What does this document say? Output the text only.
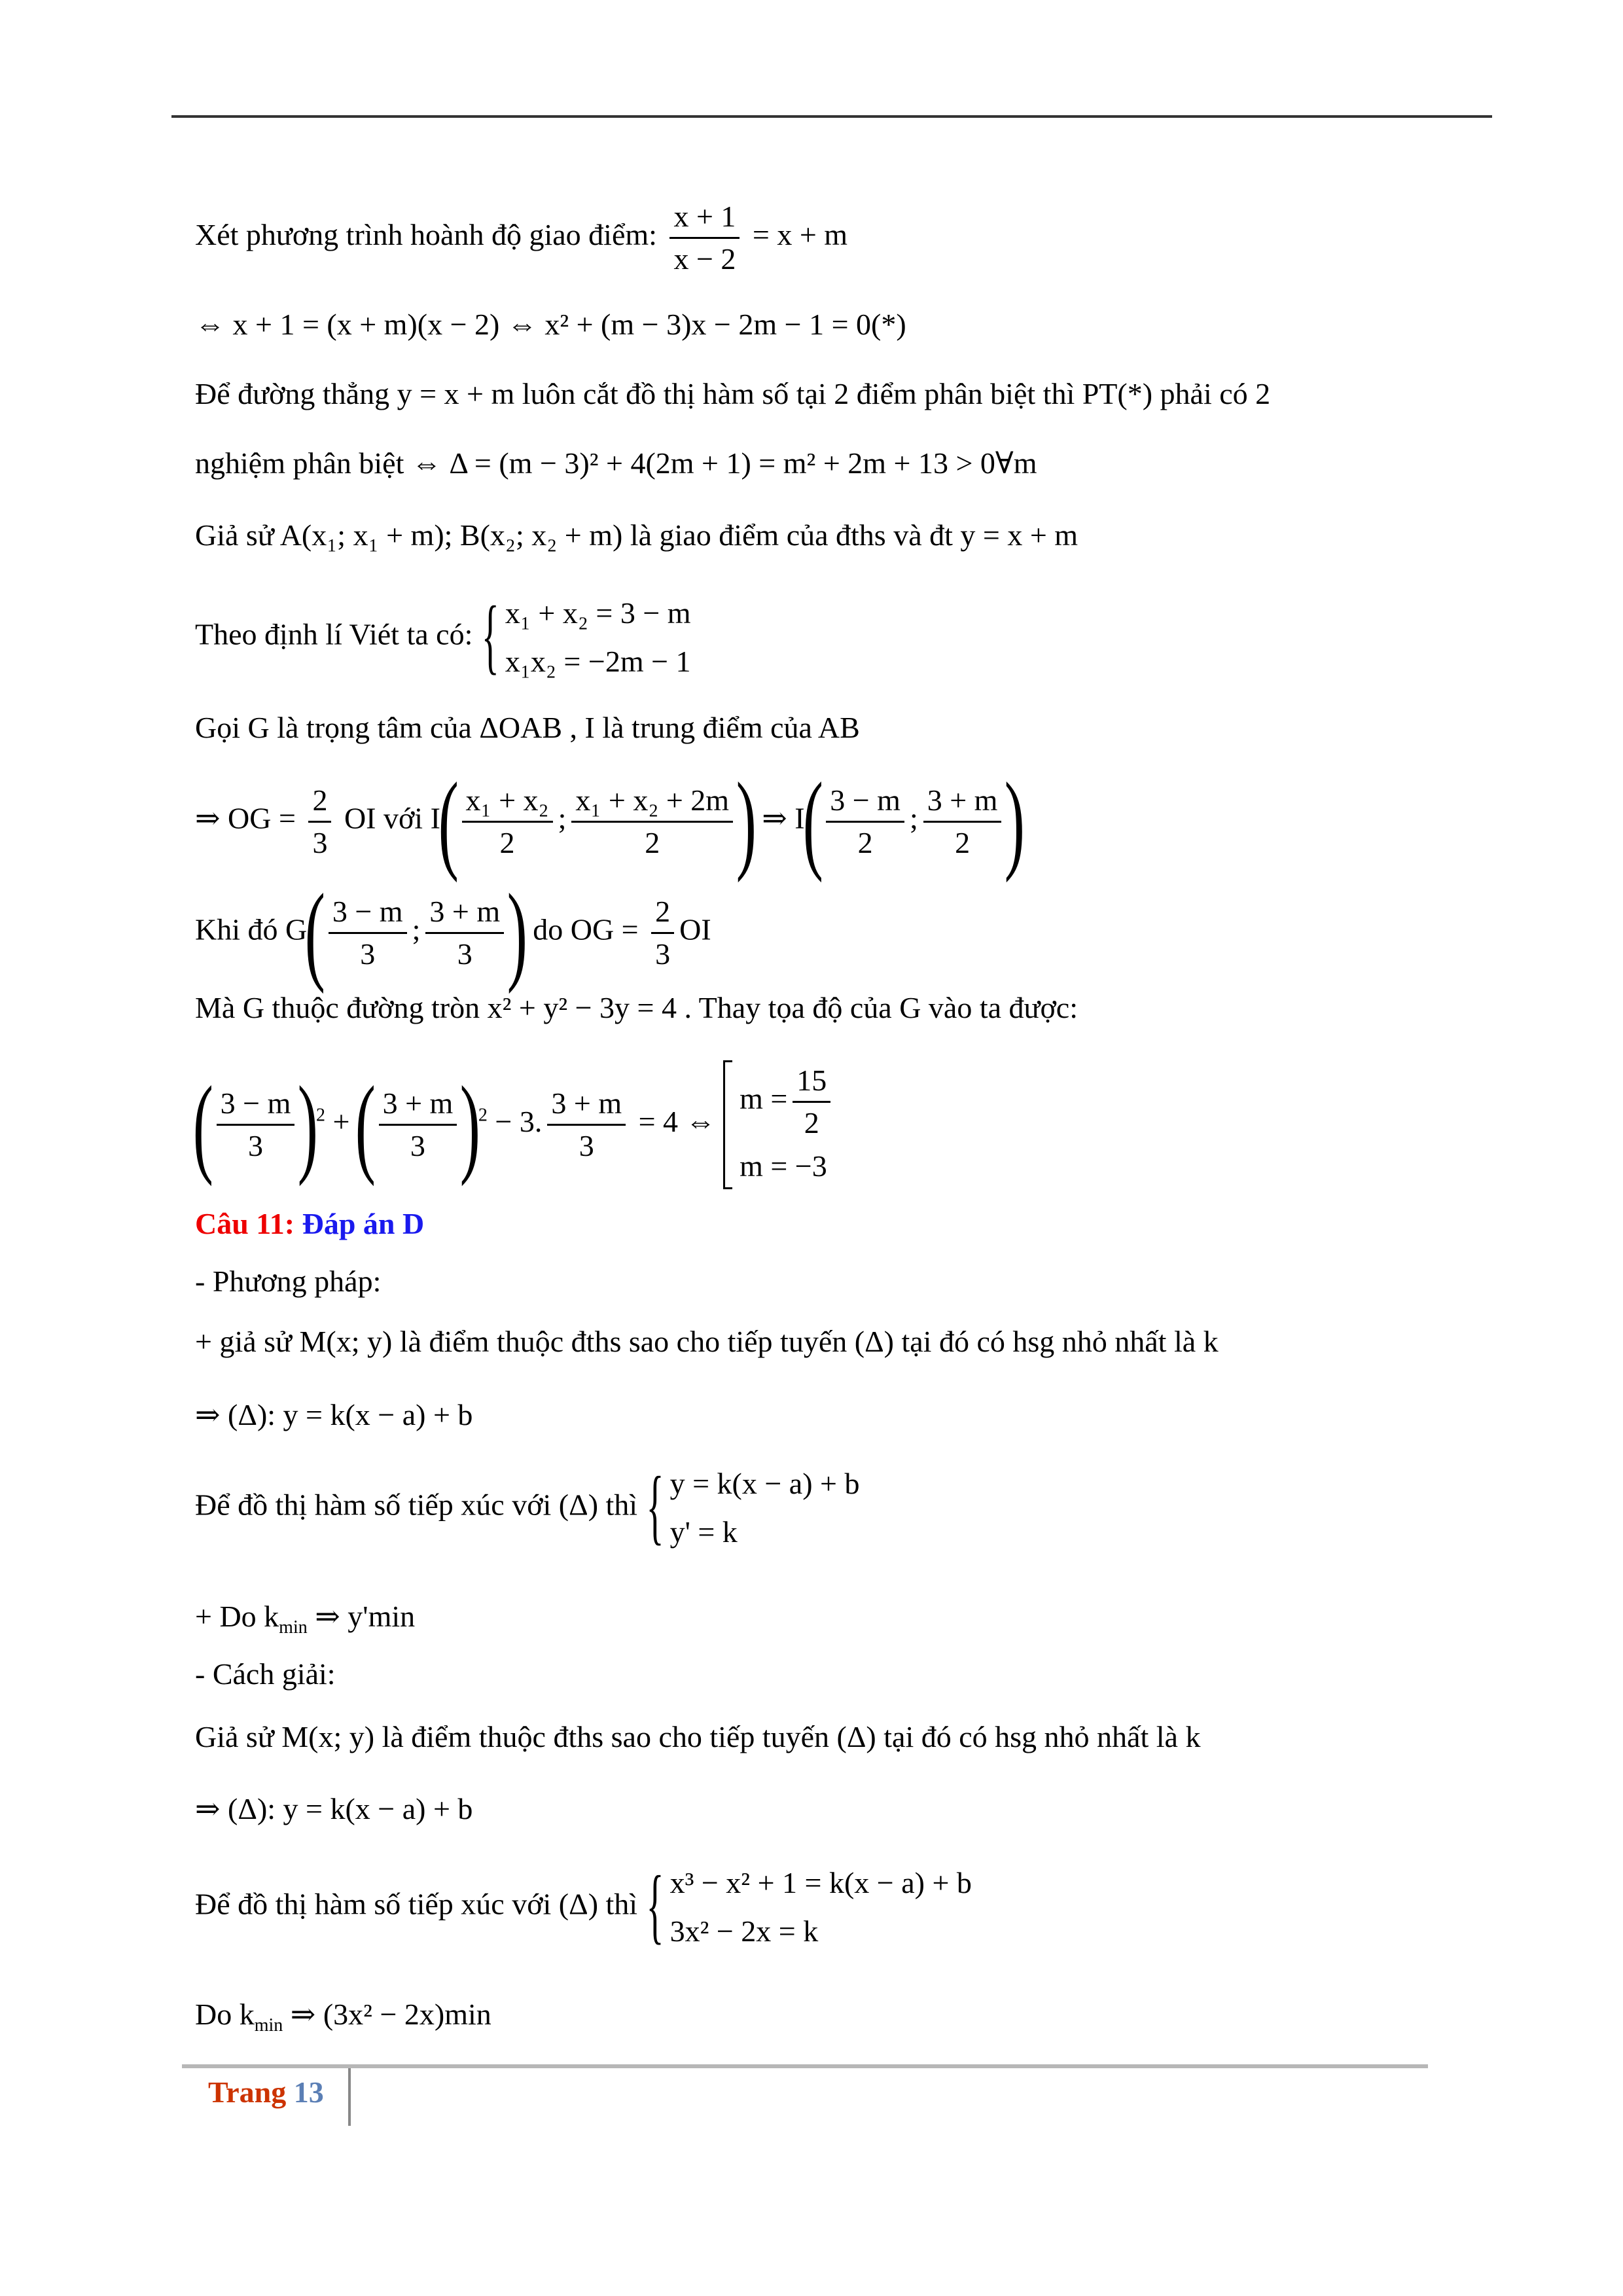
Xét phương trình hoành độ giao điểm: $\frac{x + 1}{x - 2} = x + m$
⇔ x + 1 = (x + m)(x − 2) ⇔ x² + (m − 3)x − 2m − 1 = 0(*)
Để đường thẳng y = x + m luôn cắt đồ thị hàm số tại 2 điểm phân biệt thì PT(*) phải có 2
nghiệm phân biệt ⇔ Δ = (m − 3)² + 4(2m + 1) = m² + 2m + 13 > 0∀m
Giả sử A(x₁; x₁ + m); B(x₂; x₂ + m) là giao điểm của đths và đt y = x + m
Theo định lí Viét ta có:
{ x₁ + x₂ = 3 − m
x₁x₂ = −2m − 1
Gọi G là trọng tâm của ΔOAB , I là trung điểm của AB
⇒ OG = $\frac{2}{3}$ OI với $I( \frac{\text{x₁ + x₂}}{2}$ ; $\frac{\text{x₁ + x₂ + 2m}}{2}$ ) ⇒ $I( \frac{3 - m}{2}$ ; $\frac{3 + m}{2}$ )
Khi đó $G( \frac{3 - m}{3}$ ; $\frac{3 + m}{3}$ ) do OG = $\frac{2}{3}$ OI
Mà G thuộc đường tròn x² + y² − 3y = 4 . Thay tọa độ của G vào ta được:
( $\frac{3 - m}{3} )^2$ + ( $\frac{3 + m}{3} )^2 - 3$. $\frac{3 + m}{3} = 4$ ⇔
$m = \frac{15}{2}$
m = −3
Câu 11: Đáp án D
- Phương pháp:
+ giả sử M(x; y) là điểm thuộc đths sao cho tiếp tuyến (Δ) tại đó có hsg nhỏ nhất là k
⇒ (Δ): y = k(x − a) + b
Để đồ thị hàm số tiếp xúc với (Δ) thì
{ y = k(x − a) + b
y' = k
+ Do $k_{min}$ ⇒ y'min
- Cách giải:
Giả sử M(x; y) là điểm thuộc đths sao cho tiếp tuyến (Δ) tại đó có hsg nhỏ nhất là k
⇒ (Δ): y = k(x − a) + b
Để đồ thị hàm số tiếp xúc với (Δ) thì
{ x³ − x² + 1 = k(x − a) + b
3x² − 2x = k
Do $k_{min}$ ⇒ (3x² − 2x)min
Trang 13
